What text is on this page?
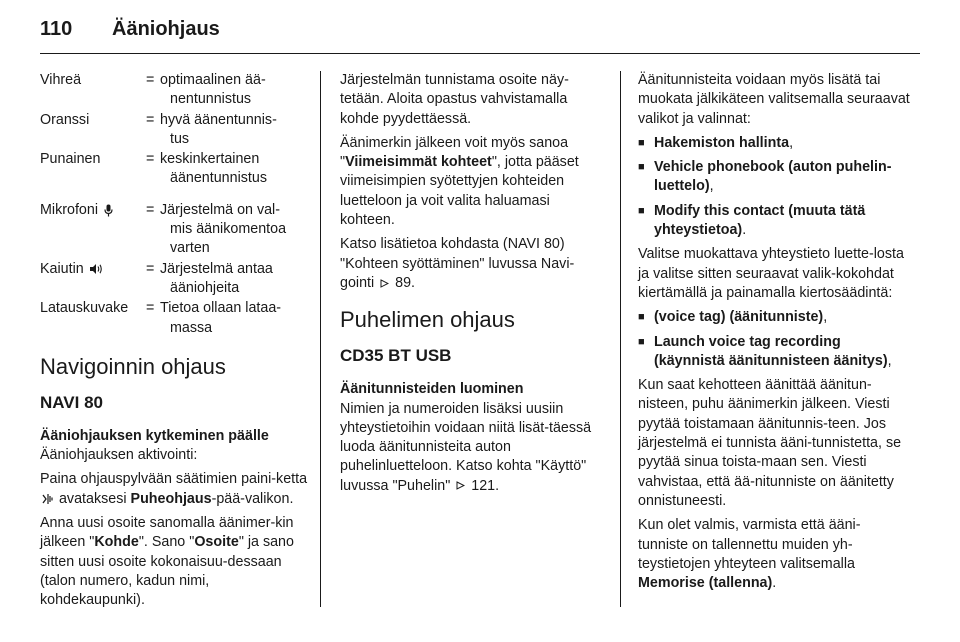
110 Ääniohjaus
Vihreä	= optimaalinen ää-
nentunnistus
Oranssi	= hyvä äänentunnis-
tus
Punainen	= keskinkertainen
äänentunnistus
Mikrofoni	= Järjestelmä on val-
mis äänikomentoa
varten
Kaiutin	= Järjestelmä antaa
ääniohjeita
Latauskuvake	= Tietoa ollaan lataa-
massa
Navigoinnin ohjaus
NAVI 80
Ääniohjauksen kytkeminen päälle

Ääniohjauksen aktivointi:

Paina ohjauspylvään säätimien paini-ketta  avataksesi Puheohjaus-pää-valikon.

Anna uusi osoite sanomalla äänimer-kin jälkeen "Kohde". Sano "Osoite" ja sano sitten uusi osoite kokonaisuu-dessaan (talon numero, kadun nimi, kohdekaupunki).

Järjestelmän tunnistama osoite näy-tetään. Aloita opastus vahvistamalla kohde pyydettäessä.

Äänimerkin jälkeen voit myös sanoa "Viimeisimmät kohteet", jotta pääset viimeisimpien syötettyjen kohteiden luetteloon ja voit valita haluamasi kohteen.

Katso lisätietoa kohdasta (NAVI 80) "Kohteen syöttäminen" luvussa Navi-gointi 89.

Puhelimen ohjaus
CD35 BT USB
Äänitunnisteiden luominen

Nimien ja numeroiden lisäksi uusiin yhteystietoihin voidaan niitä lisät-täessä luoda äänitunnisteita auton puhelinluetteloon. Katso kohta "Käyttö" luvussa "Puhelin" 121.

Äänitunnisteita voidaan myös lisätä tai muokata jälkikäteen valitsemalla seuraavat valikot ja valinnat:

■ Hakemiston hallinta,
■ Vehicle phonebook (auton puhelin-luettelo),
■ Modify this contact (muuta tätä yhteystietoa).

Valitse muokattava yhteystieto luette-losta ja valitse sitten seuraavat valik-kokohdat kiertämällä ja painamalla kiertosäädintä:

■ (voice tag) (äänitunniste),
■ Launch voice tag recording (käynnistä äänitunnisteen äänitys),

Kun saat kehotteen äänittää äänitun-nisteen, puhu äänimerkin jälkeen. Viesti pyytää toistamaan äänitunnis-teen. Jos järjestelmä ei tunnista ääni-tunnistetta, se pyytää sinua toista-maan sen. Viesti vahvistaa, että ää-nitunniste on äänitetty onnistuneesti.

Kun olet valmis, varmista että ääni-tunniste on tallennettu muiden yh-teystietojen yhteyteen valitsemalla Memorise (tallenna).
